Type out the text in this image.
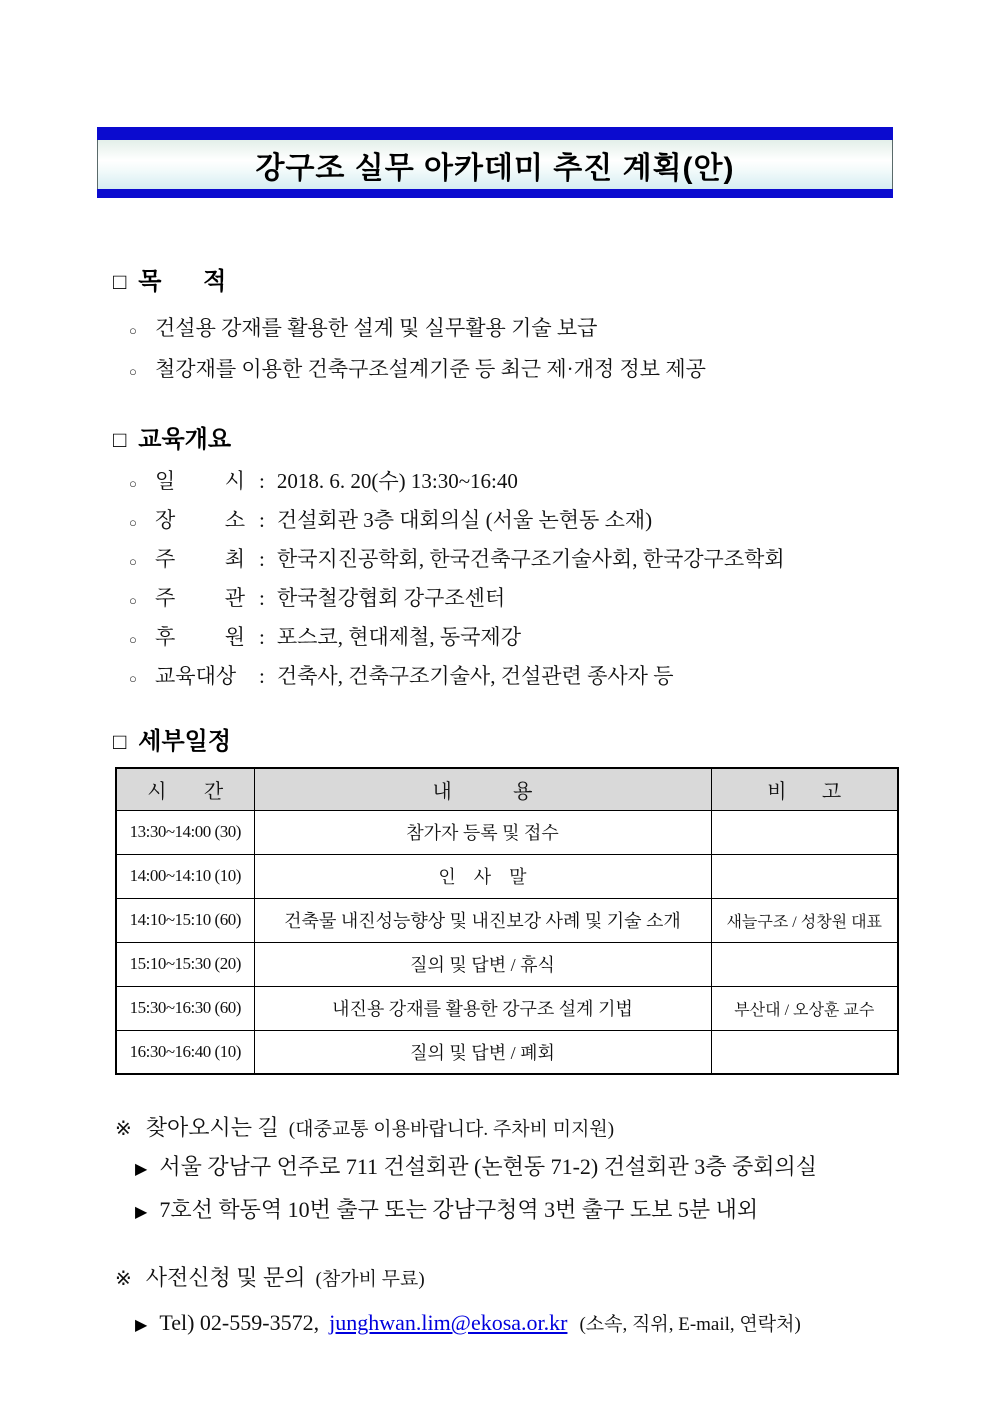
강구조 실무 아카데미 추진 계획(안)
□ 목 적
○ 건설용 강재를 활용한 설계 및 실무활용 기술 보급
○ 철강재를 이용한 건축구조설계기준 등 최근 제·개정 정보 제공
□ 교육개요
○ 일 시 : 2018. 6. 20(수) 13:30~16:40
○ 장 소 : 건설회관 3층 대회의실 (서울 논현동 소재)
○ 주 최 : 한국지진공학회, 한국건축구조기술사회, 한국강구조학회
○ 주 관 : 한국철강협회 강구조센터
○ 후 원 : 포스코, 현대제철, 동국제강
○ 교육대상	: 건축사, 건축구조기술사, 건설관련 종사자 등
□ 세부일정
시 간	내 용	비 고
13:30~14:00 (30)	참가자 등록 및 접수	
14:00~14:10 (10)	인 사 말	
14:10~15:10 (60)	건축물 내진성능향상 및 내진보강 사례 및 기술 소개	새늘구조 / 성창원 대표
15:10~15:30 (20)	질의 및 답변 / 휴식	
15:30~16:30 (60)	내진용 강재를 활용한 강구조 설계 기법	부산대 / 오상훈 교수
16:30~16:40 (10)	질의 및 답변 / 폐회	
※ 찾아오시는 길 (대중교통 이용바랍니다. 주차비 미지원)
▶ 서울 강남구 언주로 711 건설회관 (논현동 71-2) 건설회관 3층 중회의실
▶ 7호선 학동역 10번 출구 또는 강남구청역 3번 출구 도보 5분 내외
※ 사전신청 및 문의 (참가비 무료)
▶ Tel) 02-559-3572, junghwan.lim@ekosa.or.kr (소속, 직위, E-mail, 연락처)
